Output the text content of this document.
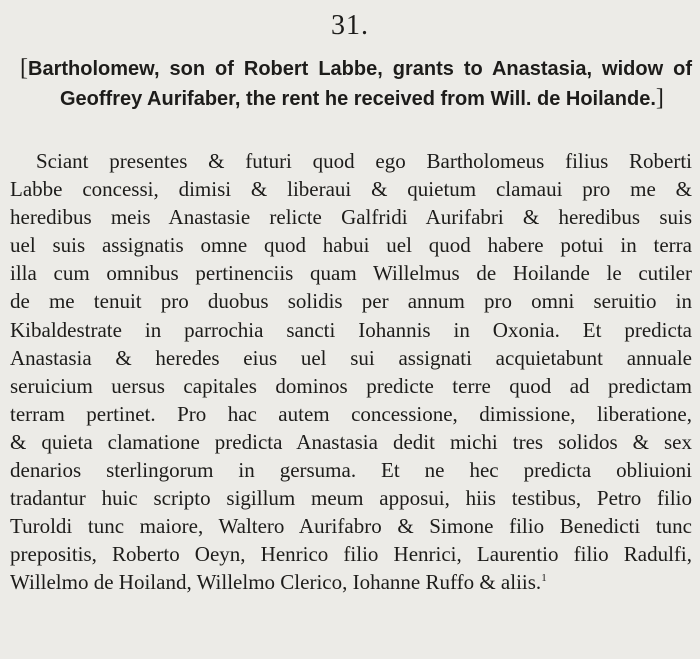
31.
[Bartholomew, son of Robert Labbe, grants to Anastasia, widow of Geoffrey Aurifaber, the rent he received from Will. de Hoilande.]
Sciant presentes & futuri quod ego Bartholomeus filius Roberti
Labbe concessi, dimisi & liberaui & quietum clamaui pro me &
heredibus meis Anastasie relicte Galfridi Aurifabri & heredibus suis
uel suis assignatis omne quod habui uel quod habere potui in terra
illa cum omnibus pertinenciis quam Willelmus de Hoilande le cutiler
de me tenuit pro duobus solidis per annum pro omni seruitio in
Kibaldestrate in parrochia sancti Iohannis in Oxonia. Et predicta
Anastasia & heredes eius uel sui assignati acquietabunt annuale
seruicium uersus capitales dominos predicte terre quod ad predictam
terram pertinet. Pro hac autem concessione, dimissione, liberatione,
& quieta clamatione predicta Anastasia dedit michi tres solidos & sex
denarios sterlingorum in gersuma. Et ne hec predicta obliuioni
tradantur huic scripto sigillum meum apposui, hiis testibus, Petro filio
Turoldi tunc maiore, Waltero Aurifabro & Simone filio Benedicti tunc
prepositis, Roberto Oeyn, Henrico filio Henrici, Laurentio filio Radulfi,
Willelmo de Hoiland, Willelmo Clerico, Iohanne Ruffo & aliis.$^1$
